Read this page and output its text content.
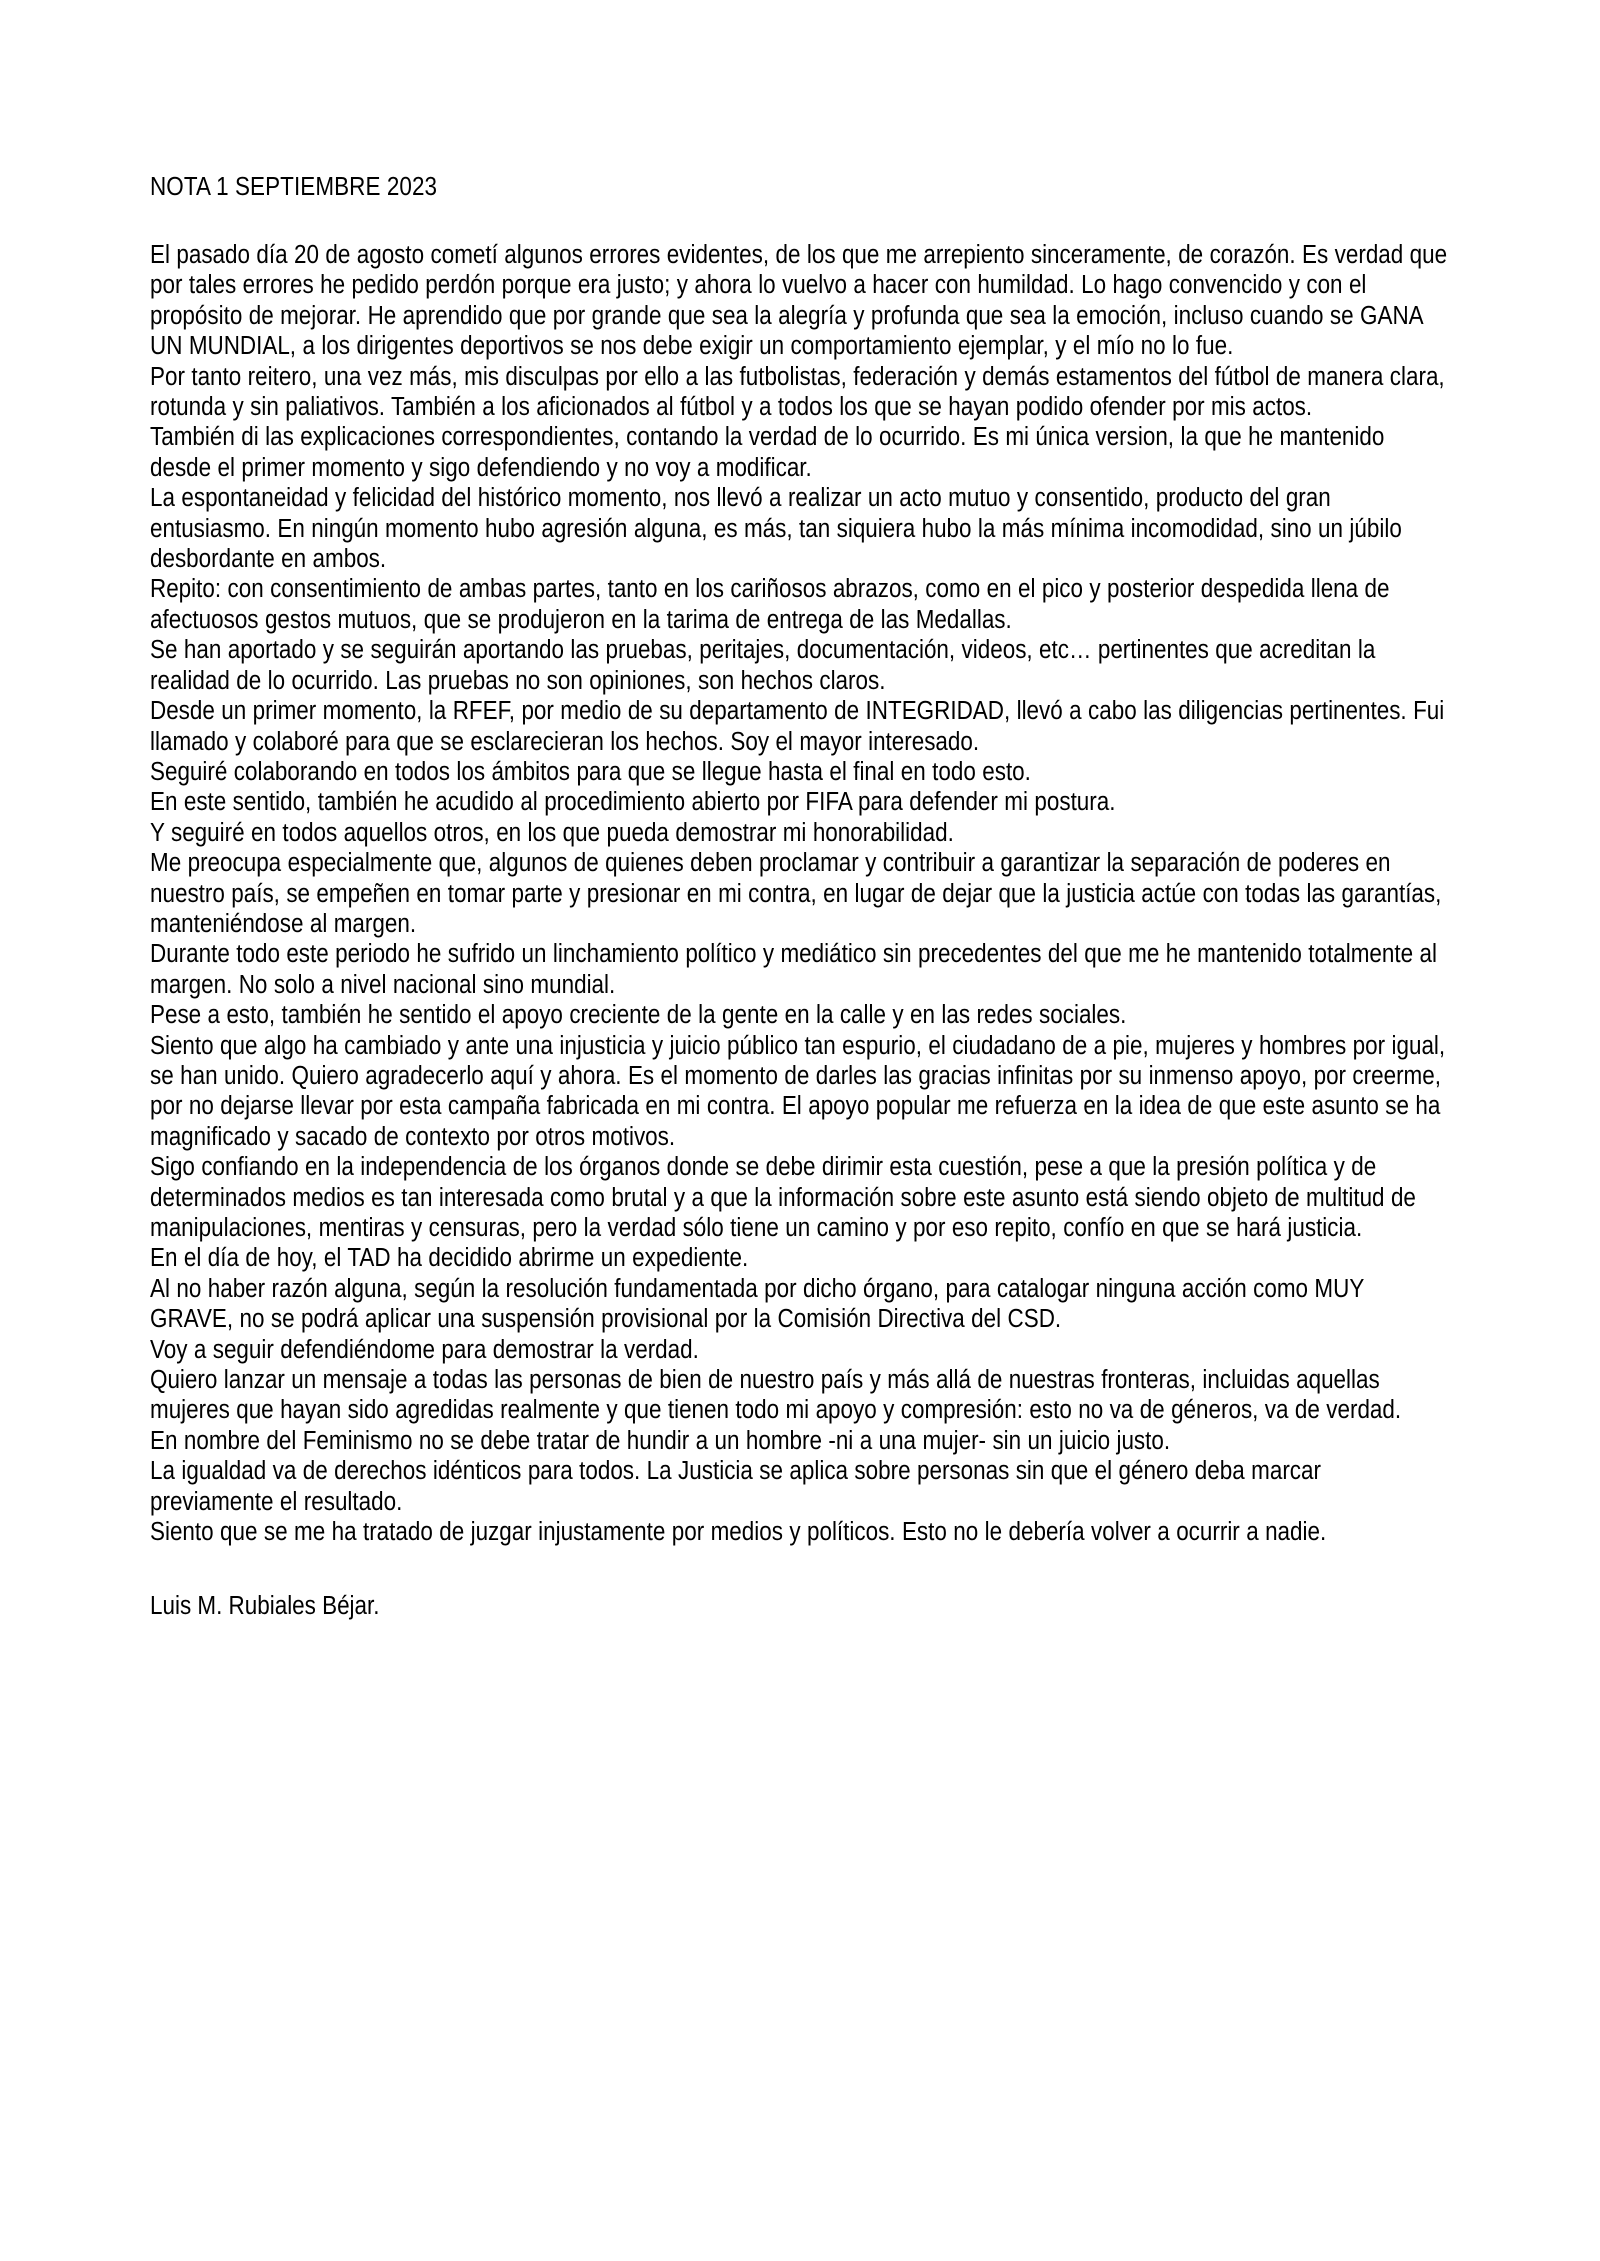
NOTA 1 SEPTIEMBRE 2023

El pasado día 20 de agosto cometí algunos errores evidentes, de los que me arrepiento sinceramente, de corazón. Es verdad que por tales errores he pedido perdón porque era justo; y ahora lo vuelvo a hacer con humildad. Lo hago convencido y con el propósito de mejorar. He aprendido que por grande que sea la alegría y profunda que sea la emoción, incluso cuando se GANA UN MUNDIAL, a los dirigentes deportivos se nos debe exigir un comportamiento ejemplar, y el mío no lo fue.

Por tanto reitero, una vez más, mis disculpas por ello a las futbolistas, federación y demás estamentos del fútbol de manera clara, rotunda y sin paliativos. También a los aficionados al fútbol y a todos los que se hayan podido ofender por mis actos.

También di las explicaciones correspondientes, contando la verdad de lo ocurrido. Es mi única version, la que he mantenido desde el primer momento y sigo defendiendo y no voy a modificar.

La espontaneidad y felicidad del histórico momento, nos llevó a realizar un acto mutuo y consentido, producto del gran entusiasmo. En ningún momento hubo agresión alguna, es más, tan siquiera hubo la más mínima incomodidad, sino un júbilo desbordante en ambos.

Repito: con consentimiento de ambas partes, tanto en los cariñosos abrazos, como en el pico y posterior despedida llena de afectuosos gestos mutuos, que se produjeron en la tarima de entrega de las Medallas.

Se han aportado y se seguirán aportando las pruebas, peritajes, documentación, videos, etc… pertinentes que acreditan la realidad de lo ocurrido. Las pruebas no son opiniones, son hechos claros.

Desde un primer momento, la RFEF, por medio de su departamento de INTEGRIDAD, llevó a cabo las diligencias pertinentes. Fui llamado y colaboré para que se esclarecieran los hechos. Soy el mayor interesado.

Seguiré colaborando en todos los ámbitos para que se llegue hasta el final en todo esto.

En este sentido, también he acudido al procedimiento abierto por FIFA para defender mi postura.

Y seguiré en todos aquellos otros, en los que pueda demostrar mi honorabilidad.

Me preocupa especialmente que, algunos de quienes deben proclamar y contribuir a garantizar la separación de poderes en nuestro país, se empeñen en tomar parte y presionar en mi contra, en lugar de dejar que la justicia actúe con todas las garantías, manteniéndose al margen.

Durante todo este periodo he sufrido un linchamiento político y mediático sin precedentes del que me he mantenido totalmente al margen. No solo a nivel nacional sino mundial.

Pese a esto, también he sentido el apoyo creciente de la gente en la calle y en las redes sociales.

Siento que algo ha cambiado y ante una injusticia y juicio público tan espurio, el ciudadano de a pie, mujeres y hombres por igual, se han unido. Quiero agradecerlo aquí y ahora. Es el momento de darles las gracias infinitas por su inmenso apoyo, por creerme, por no dejarse llevar por esta campaña fabricada en mi contra. El apoyo popular me refuerza en la idea de que este asunto se ha magnificado y sacado de contexto por otros motivos.

Sigo confiando en la independencia de los órganos donde se debe dirimir esta cuestión, pese a que la presión política y de determinados medios es tan interesada como brutal y a que la información sobre este asunto está siendo objeto de multitud de manipulaciones, mentiras y censuras, pero la verdad sólo tiene un camino y por eso repito, confío en que se hará justicia.

En el día de hoy, el TAD ha decidido abrirme un expediente.

Al no haber razón alguna, según la resolución fundamentada por dicho órgano, para catalogar ninguna acción como MUY GRAVE, no se podrá aplicar una suspensión provisional por la Comisión Directiva del CSD.

Voy a seguir defendiéndome para demostrar la verdad.

Quiero lanzar un mensaje a todas las personas de bien de nuestro país y más allá de nuestras fronteras, incluidas aquellas mujeres que hayan sido agredidas realmente y que tienen todo mi apoyo y compresión: esto no va de géneros, va de verdad.

En nombre del Feminismo no se debe tratar de hundir a un hombre -ni a una mujer- sin un juicio justo.

La igualdad va de derechos idénticos para todos. La Justicia se aplica sobre personas sin que el género deba marcar previamente el resultado.

Siento que se me ha tratado de juzgar injustamente por medios y políticos. Esto no le debería volver a ocurrir a nadie.

Luis M. Rubiales Béjar.
